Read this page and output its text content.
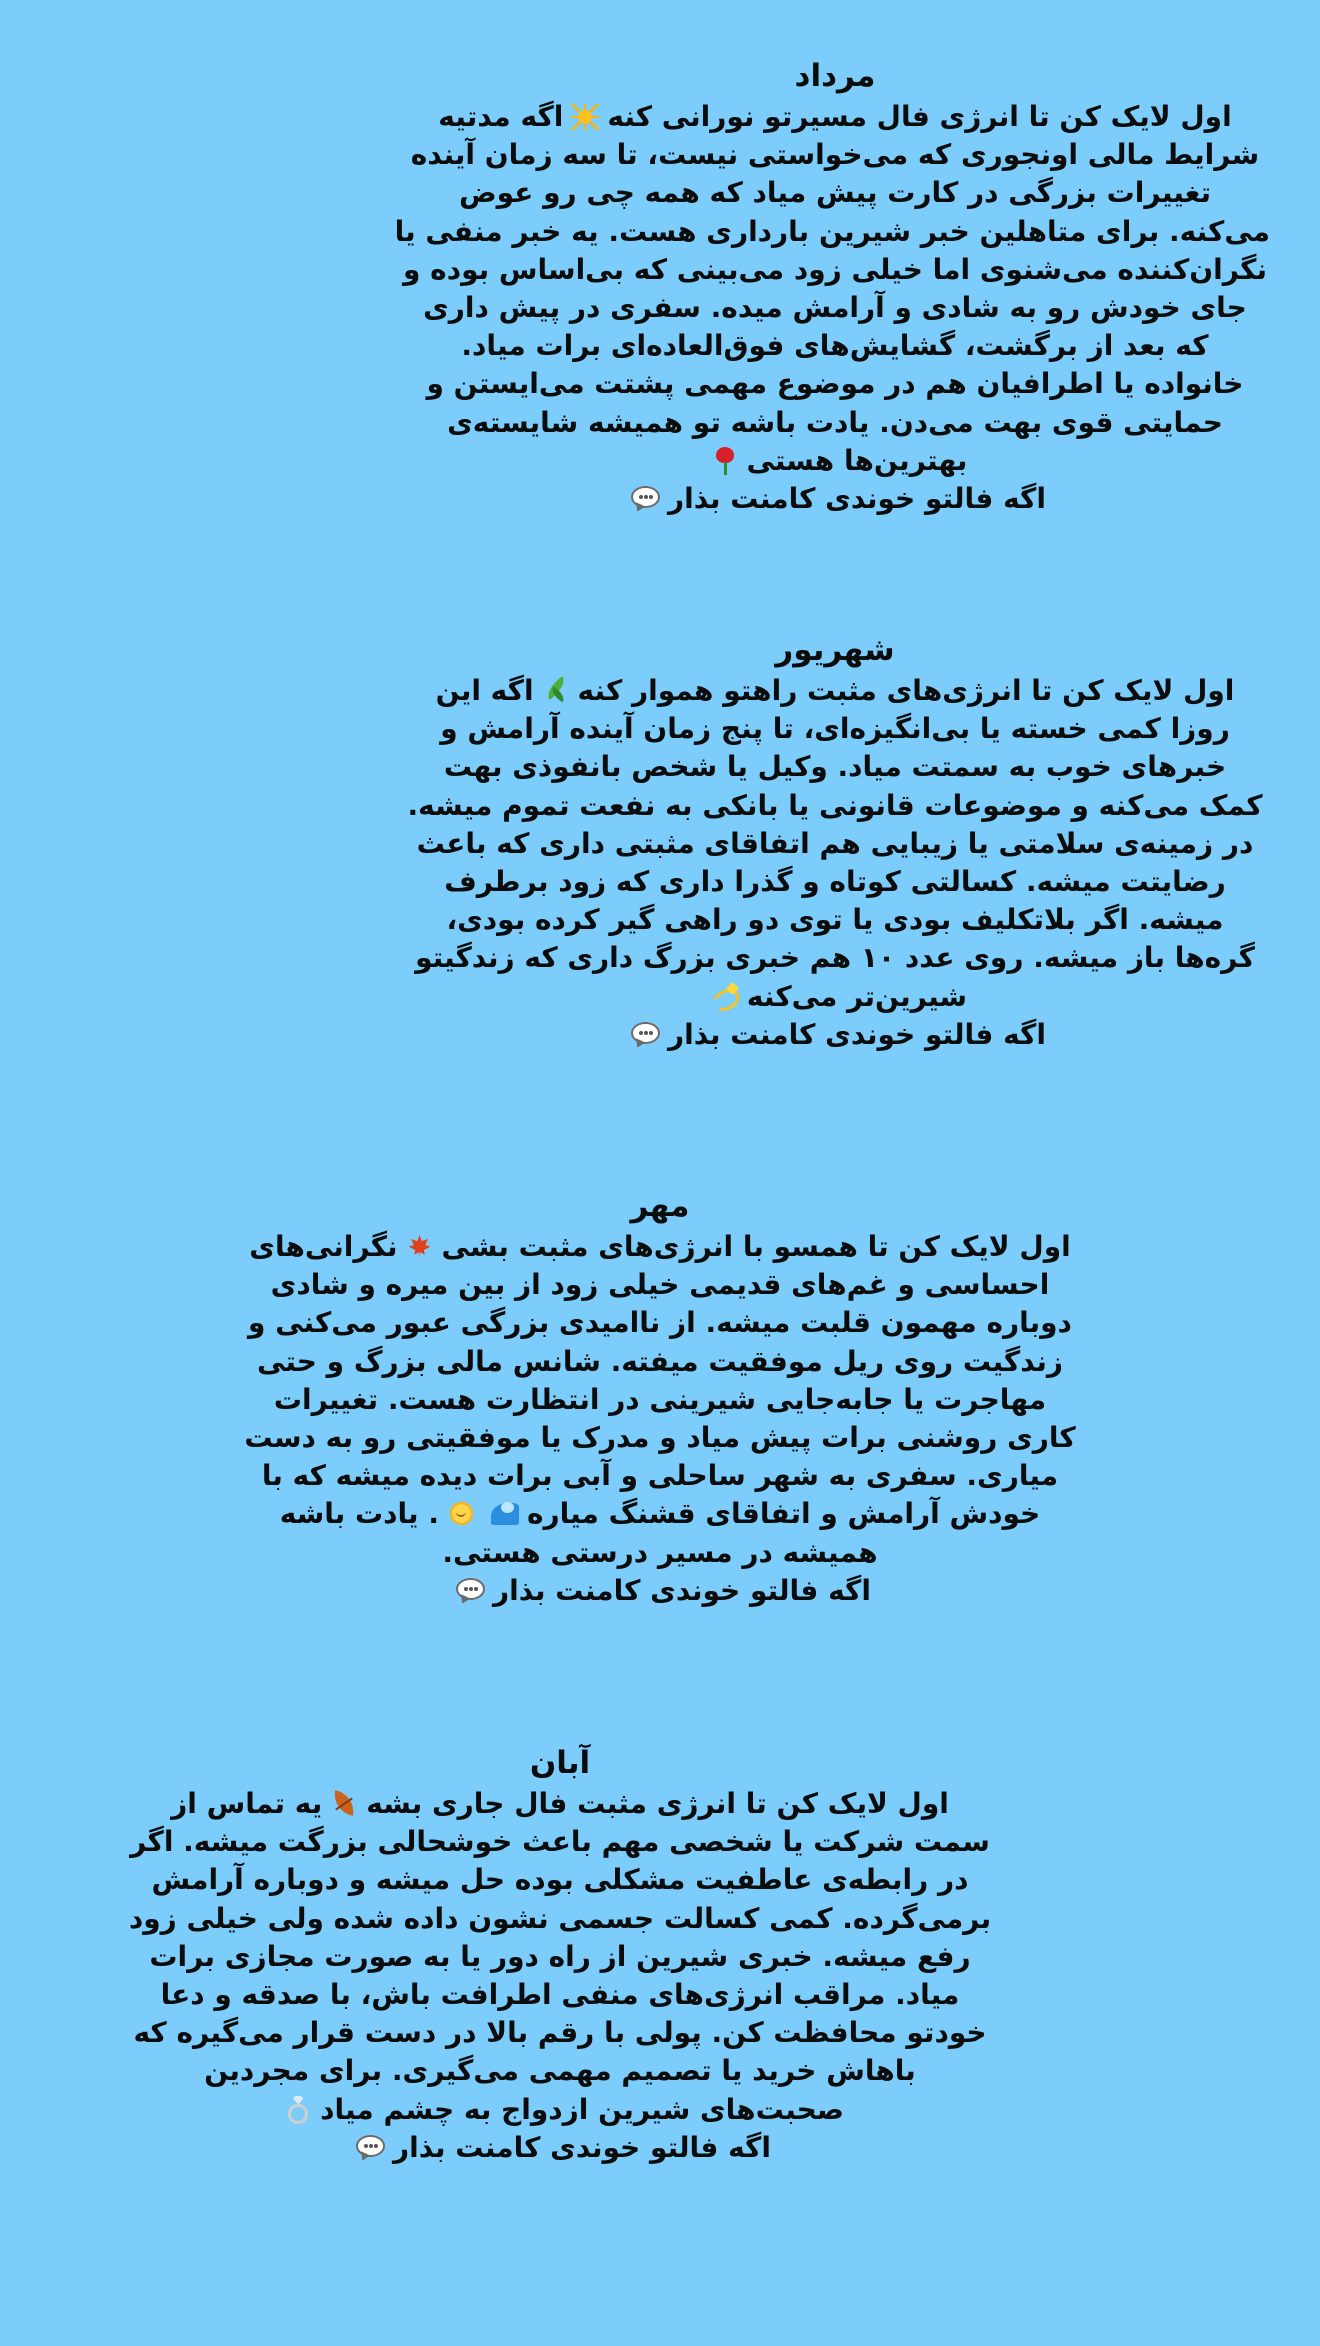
مرداد
اول لایک کن تا انرژی فال مسیرتو نورانی کنهاگه مدتیه
شرایط مالی اونجوری که می‌خواستی نیست، تا سه زمان آینده
تغییرات بزرگی در کارت پیش میاد که همه چی رو عوض
می‌کنه. برای متاهلین خبر شیرین بارداری هست. یه خبر منفی یا
نگران‌کننده می‌شنوی اما خیلی زود می‌بینی که بی‌اساس بوده و
جای خودش رو به شادی و آرامش میده. سفری در پیش داری
که بعد از برگشت، گشایش‌های فوق‌العاده‌ای برات میاد.
خانواده یا اطرافیان هم در موضوع مهمی پشتت می‌ایستن و
حمایتی قوی بهت می‌دن. یادت باشه تو همیشه شایسته‌ی
بهترین‌ها هستی
اگه فالتو خوندی کامنت بذار
شهریور
اول لایک کن تا انرژی‌های مثبت راهتو هموار کنهاگه این
روزا کمی خسته یا بی‌انگیزه‌ای، تا پنج زمان آینده آرامش و
خبرهای خوب به سمتت میاد. وکیل یا شخص بانفوذی بهت
کمک می‌کنه و موضوعات قانونی یا بانکی به نفعت تموم میشه.
در زمینه‌ی سلامتی یا زیبایی هم اتفاقای مثبتی داری که باعث
رضایتت میشه. کسالتی کوتاه و گذرا داری که زود برطرف
میشه. اگر بلاتکلیف بودی یا توی دو راهی گیر کرده بودی،
گره‌ها باز میشه. روی عدد ۱۰ هم خبری بزرگ داری که زندگیتو
شیرین‌تر می‌کنه
اگه فالتو خوندی کامنت بذار
مهر
اول لایک کن تا همسو با انرژی‌های مثبت بشینگرانی‌های
احساسی و غم‌های قدیمی خیلی زود از بین میره و شادی
دوباره مهمون قلبت میشه. از ناامیدی بزرگی عبور می‌کنی و
زندگیت روی ریل موفقیت میفته. شانس مالی بزرگ و حتی
مهاجرت یا جابه‌جایی شیرینی در انتظارت هست. تغییرات
کاری روشنی برات پیش میاد و مدرک یا موفقیتی رو به دست
میاری. سفری به شهر ساحلی و آبی برات دیده میشه که با
خودش آرامش و اتفاقای قشنگ میاره. یادت باشه
همیشه در مسیر درستی هستی.
اگه فالتو خوندی کامنت بذار
آبان
اول لایک کن تا انرژی مثبت فال جاری بشهیه تماس از
سمت شرکت یا شخصی مهم باعث خوشحالی بزرگت میشه. اگر
در رابطه‌ی عاطفیت مشکلی بوده حل میشه و دوباره آرامش
برمی‌گرده. کمی کسالت جسمی نشون داده شده ولی خیلی زود
رفع میشه. خبری شیرین از راه دور یا به صورت مجازی برات
میاد. مراقب انرژی‌های منفی اطرافت باش، با صدقه و دعا
خودتو محافظت کن. پولی با رقم بالا در دست قرار می‌گیره که
باهاش خرید یا تصمیم مهمی می‌گیری. برای مجردین
صحبت‌های شیرین ازدواج به چشم میاد
اگه فالتو خوندی کامنت بذار
